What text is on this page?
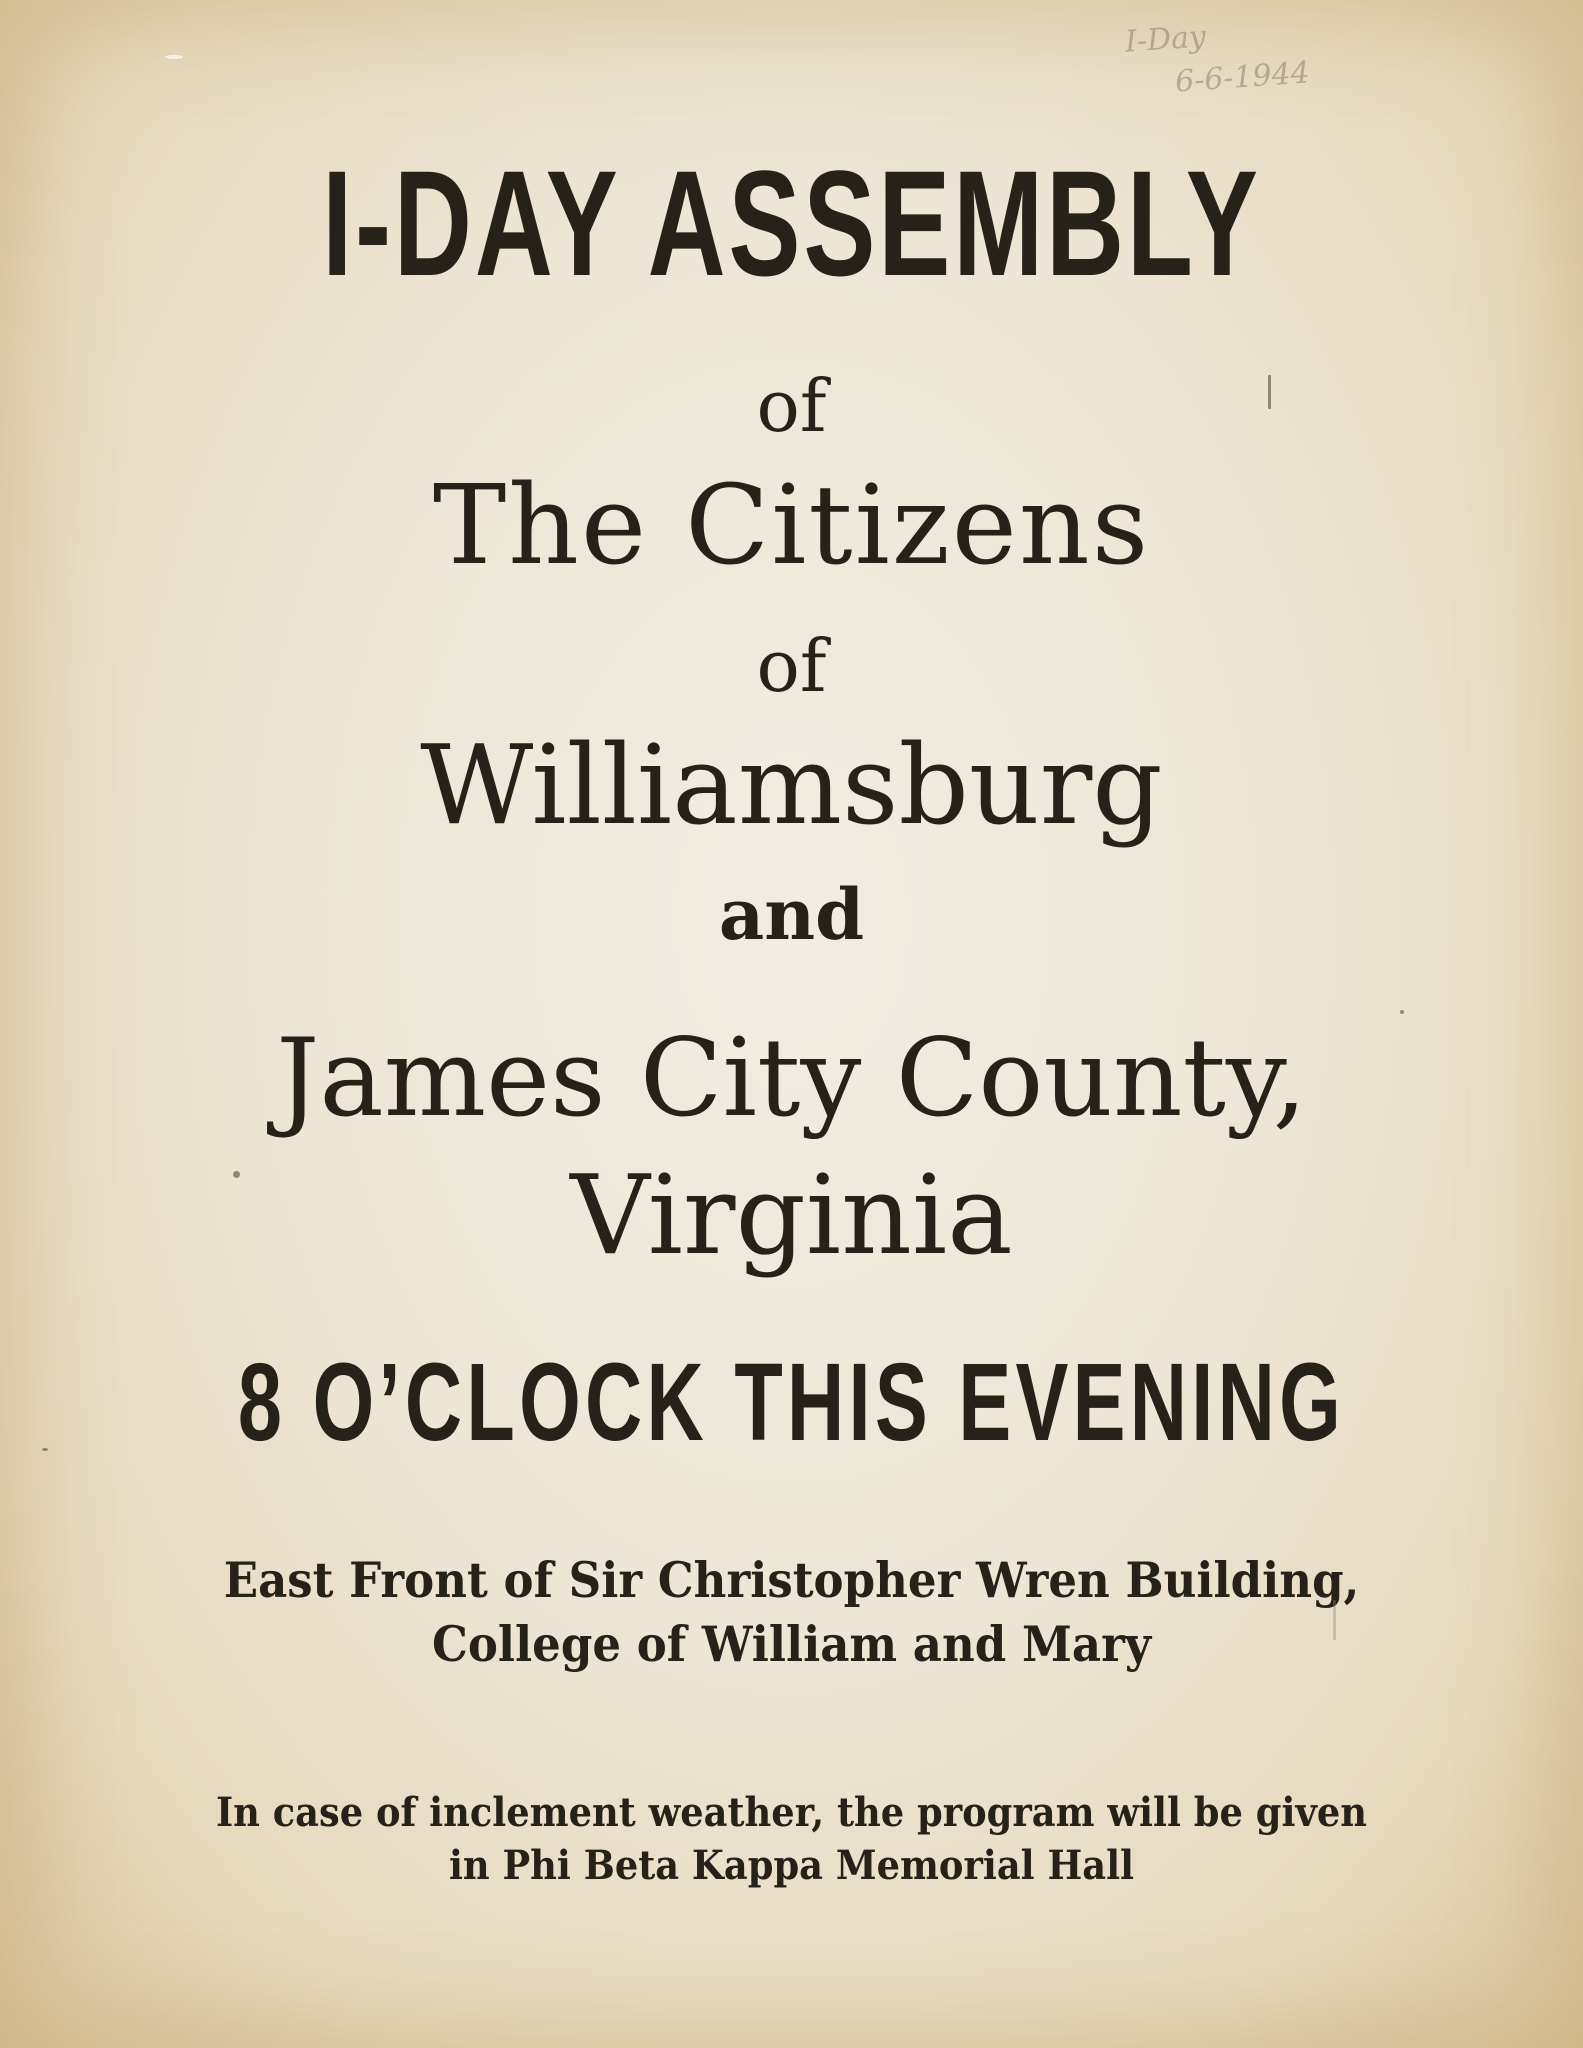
I-Day
6-6-1944
I-DAY ASSEMBLY
of
The Citizens
of
Williamsburg
and
James City County,
Virginia
8 O’CLOCK THIS EVENING
East Front of Sir Christopher Wren Building,
College of William and Mary
In case of inclement weather, the program will be given
in Phi Beta Kappa Memorial Hall
